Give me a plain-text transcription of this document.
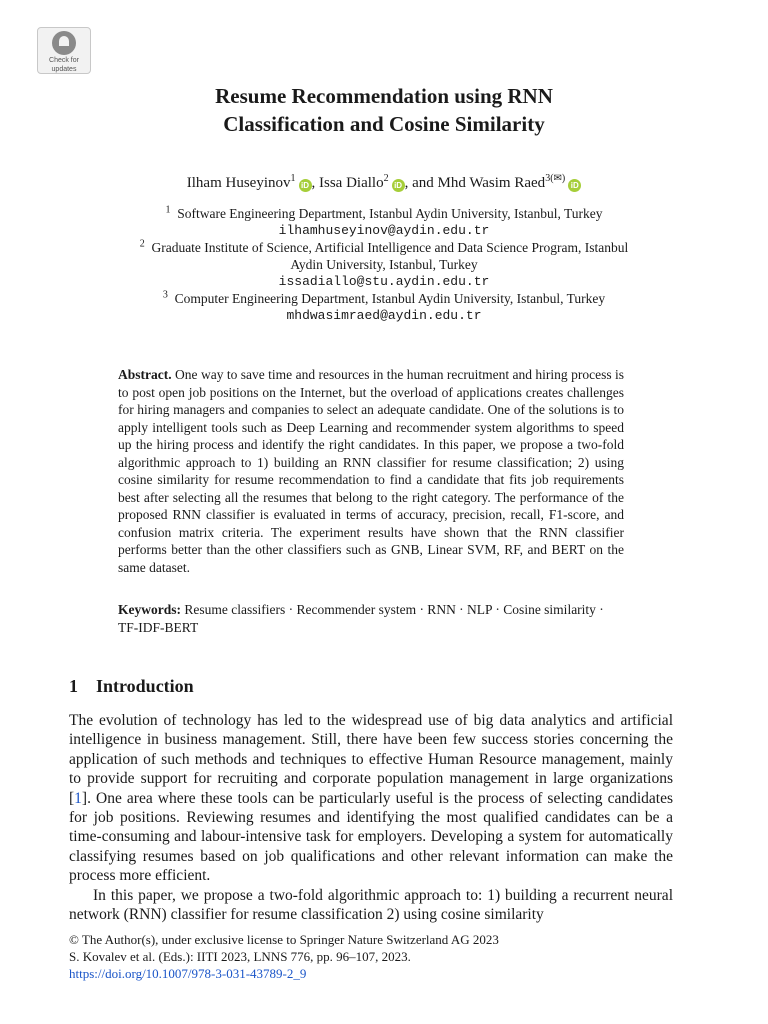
Check for
updates
Resume Recommendation using RNN
Classification and Cosine Similarity
Ilham Huseyinov$^1$iD , Issa Diallo$^2$iD , and Mhd Wasim Raed$^{3(✉)}$iD
$^1$ Software Engineering Department, Istanbul Aydin University, Istanbul, Turkey
ilhamhuseyinov@aydin.edu.tr
$^2$ Graduate Institute of Science, Artificial Intelligence and Data Science Program, Istanbul
Aydin University, Istanbul, Turkey
issadiallo@stu.aydin.edu.tr
$^3$ Computer Engineering Department, Istanbul Aydin University, Istanbul, Turkey
mhdwasimraed@aydin.edu.tr

Abstract. One way to save time and resources in the human recruitment and hiring process is to post open job positions on the Internet, but the overload of applications creates challenges for hiring managers and companies to select an adequate candidate. One of the solutions is to apply intelligent tools such as Deep Learning and recommender system algorithms to speed up the hiring process and identify the right candidates. In this paper, we propose a two-fold algorithmic approach to 1) building an RNN classifier for resume classification; 2) using cosine similarity for resume recommendation to find a candidate that fits job requirements best after selecting all the resumes that belong to the right category. The performance of the proposed RNN classifier is evaluated in terms of accuracy, precision, recall, F1-score, and confusion matrix criteria. The experiment results have shown that the RNN classifier performs better than the other classifiers such as GNB, Linear SVM, RF, and BERT on the same dataset.

Keywords: Resume classifiers · Recommender system · RNN · NLP · Cosine similarity · TF-IDF-BERT

1 Introduction

The evolution of technology has led to the widespread use of big data analytics and artificial intelligence in business management. Still, there have been few success stories concerning the application of such methods and techniques to effective Human Resource management, mainly to provide support for recruiting and corporate population management in large organizations [1]. One area where these tools can be particularly useful is the process of selecting candidates for job positions. Reviewing resumes and identifying the most qualified candidates can be a time-consuming and labour-intensive task for employers. Developing a system for automatically classifying resumes based on job qualifications and other relevant information can make the process more efficient.

In this paper, we propose a two-fold algorithmic approach to: 1) building a recurrent neural network (RNN) classifier for resume classification 2) using cosine similarity

© The Author(s), under exclusive license to Springer Nature Switzerland AG 2023
S. Kovalev et al. (Eds.): IITI 2023, LNNS 776, pp. 96–107, 2023.
https://doi.org/10.1007/978-3-031-43789-2_9
